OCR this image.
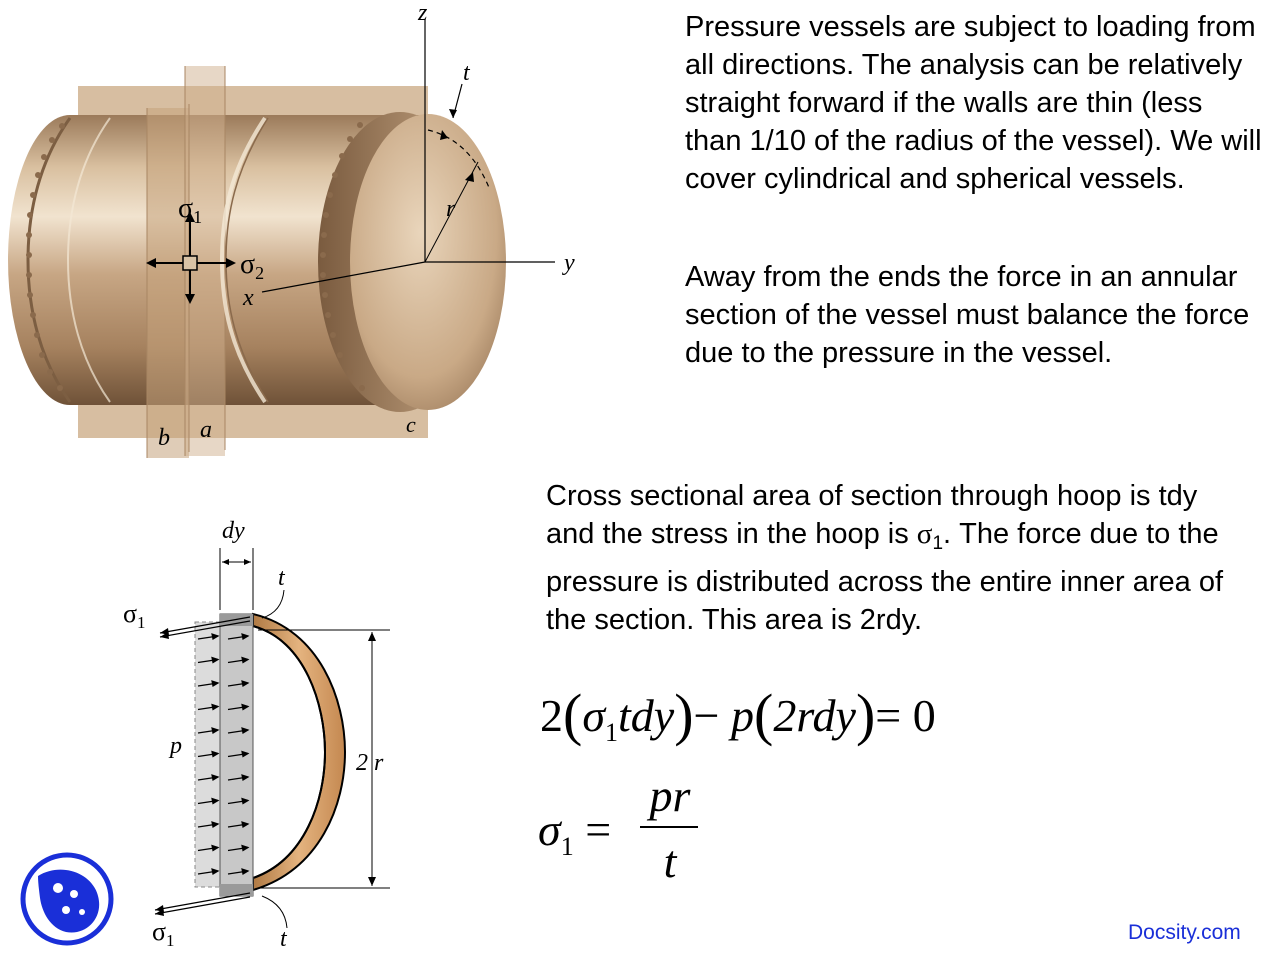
z
y
x
t
r
$\sigma_1$
$\sigma_2$
a
b
c

Pressure vessels are subject to loading from all directions. The analysis can be relatively straight forward if the walls are thin (less than 1/10 of the radius of the vessel). We will cover cylindrical and spherical vessels.

Away from the ends the force in an annular section of the vessel must balance the force due to the pressure in the vessel.

Cross sectional area of section through hoop is tdy and the stress in the hoop is $\sigma_1$. The force due to the pressure is distributed across the entire inner area of the section. This area is 2rdy.

$2(\sigma_1tdy)- p(2rdy)= 0$
$\sigma_1$ =
pr
t
dy
2 r
t
t
$\sigma_1$
$\sigma_1$
p
Docsity.com
